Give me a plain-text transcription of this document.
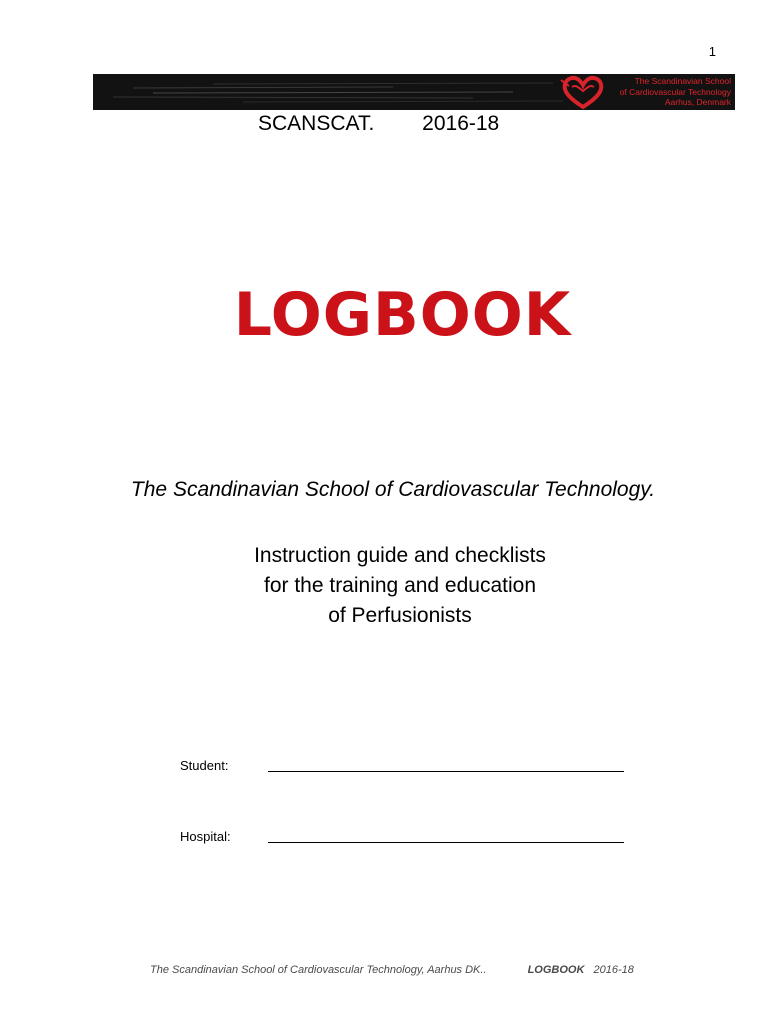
1
The Scandinavian School
of Cardiovascular Technology
Aarhus, Denmark
SCANSCAT. 2016-18
LOGBOOK
The Scandinavian School of Cardiovascular Technology.
Instruction guide and checklists
for the training and education
of Perfusionists
Student:
Hospital:
The Scandinavian School of Cardiovascular Technology, Aarhus DK..	LOGBOOK 2016-18
